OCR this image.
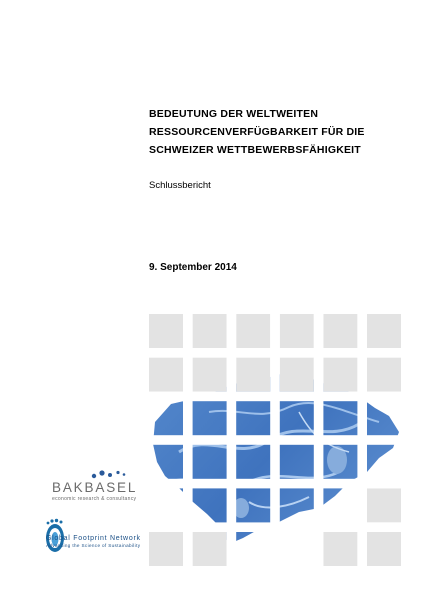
BEDEUTUNG DER WELTWEITEN
RESSOURCENVERFÜGBARKEIT FÜR DIE
SCHWEIZER WETTBEWERBSFÄHIGKEIT
Schlussbericht
9. September 2014
BAKBASEL
economic research & consultancy
Global Footprint Network
Advancing the Science of Sustainability
